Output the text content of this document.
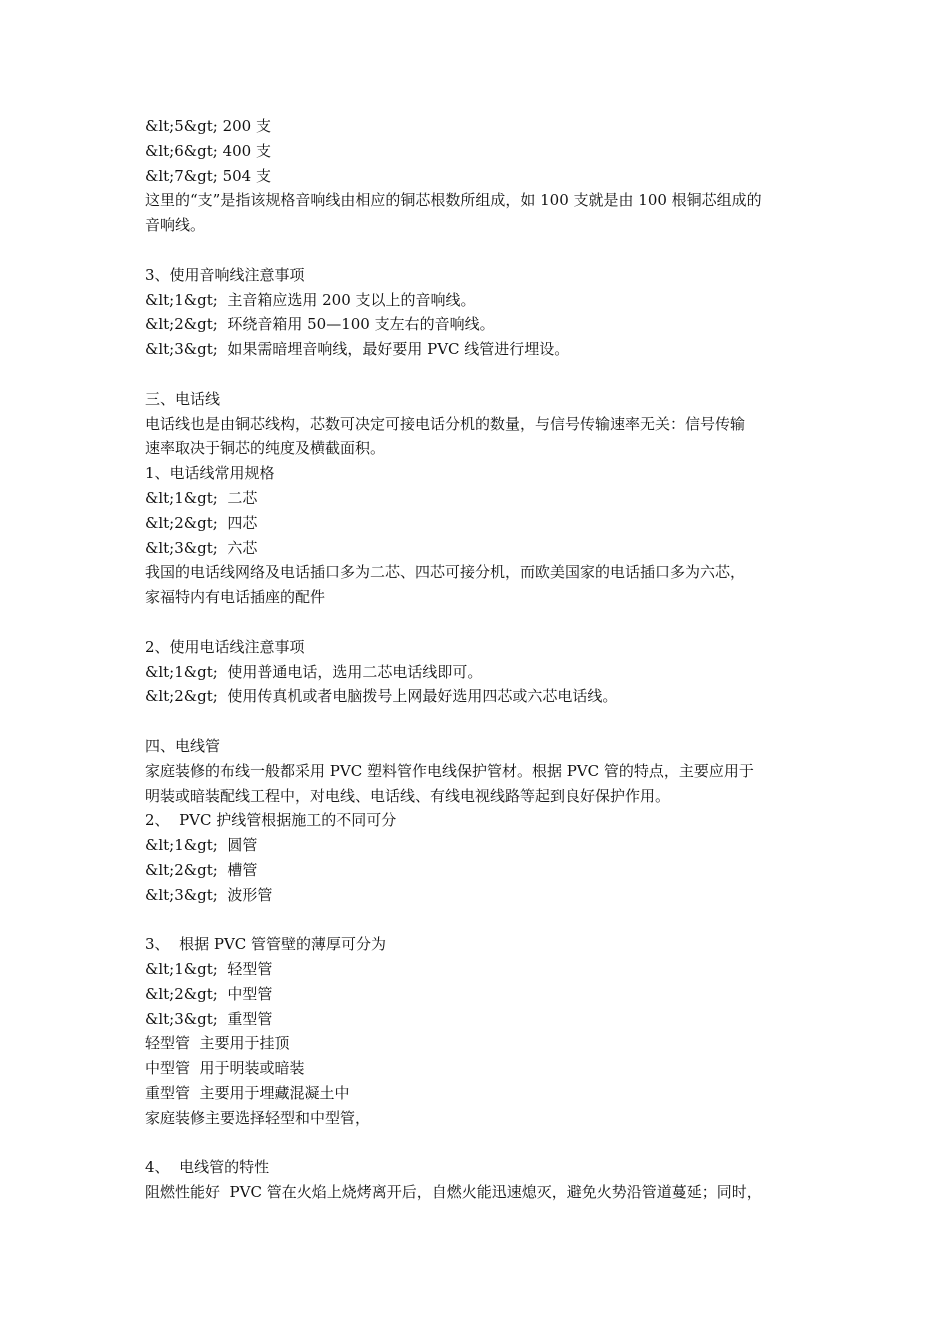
&lt;5&gt; 200 支
&lt;6&gt; 400 支
&lt;7&gt; 504 支
这里的“支”是指该规格音响线由相应的铜芯根数所组成，如 100 支就是由 100 根铜芯组成的
音响线。
3、使用音响线注意事项
&lt;1&gt;  主音箱应选用 200 支以上的音响线。
&lt;2&gt;  环绕音箱用 50—100 支左右的音响线。
&lt;3&gt;  如果需暗埋音响线，最好要用 PVC 线管进行埋设。
三、电话线
电话线也是由铜芯线构，芯数可决定可接电话分机的数量，与信号传输速率无关：信号传输
速率取决于铜芯的纯度及横截面积。
1、电话线常用规格
&lt;1&gt;  二芯
&lt;2&gt;  四芯
&lt;3&gt;  六芯
我国的电话线网络及电话插口多为二芯、四芯可接分机，而欧美国家的电话插口多为六芯，
家福特内有电话插座的配件
2、使用电话线注意事项
&lt;1&gt;  使用普通电话，选用二芯电话线即可。
&lt;2&gt;  使用传真机或者电脑拨号上网最好选用四芯或六芯电话线。
四、电线管
家庭装修的布线一般都采用 PVC 塑料管作电线保护管材。根据 PVC 管的特点，主要应用于
明装或暗装配线工程中，对电线、电话线、有线电视线路等起到良好保护作用。
2、  PVC 护线管根据施工的不同可分
&lt;1&gt;  圆管
&lt;2&gt;  槽管
&lt;3&gt;  波形管
3、  根据 PVC 管管壁的薄厚可分为
&lt;1&gt;  轻型管
&lt;2&gt;  中型管
&lt;3&gt;  重型管
轻型管  主要用于挂顶
中型管  用于明装或暗装
重型管  主要用于埋藏混凝土中
家庭装修主要选择轻型和中型管，
4、  电线管的特性
阻燃性能好  PVC 管在火焰上烧烤离开后，自燃火能迅速熄灭，避免火势沿管道蔓延；同时，
